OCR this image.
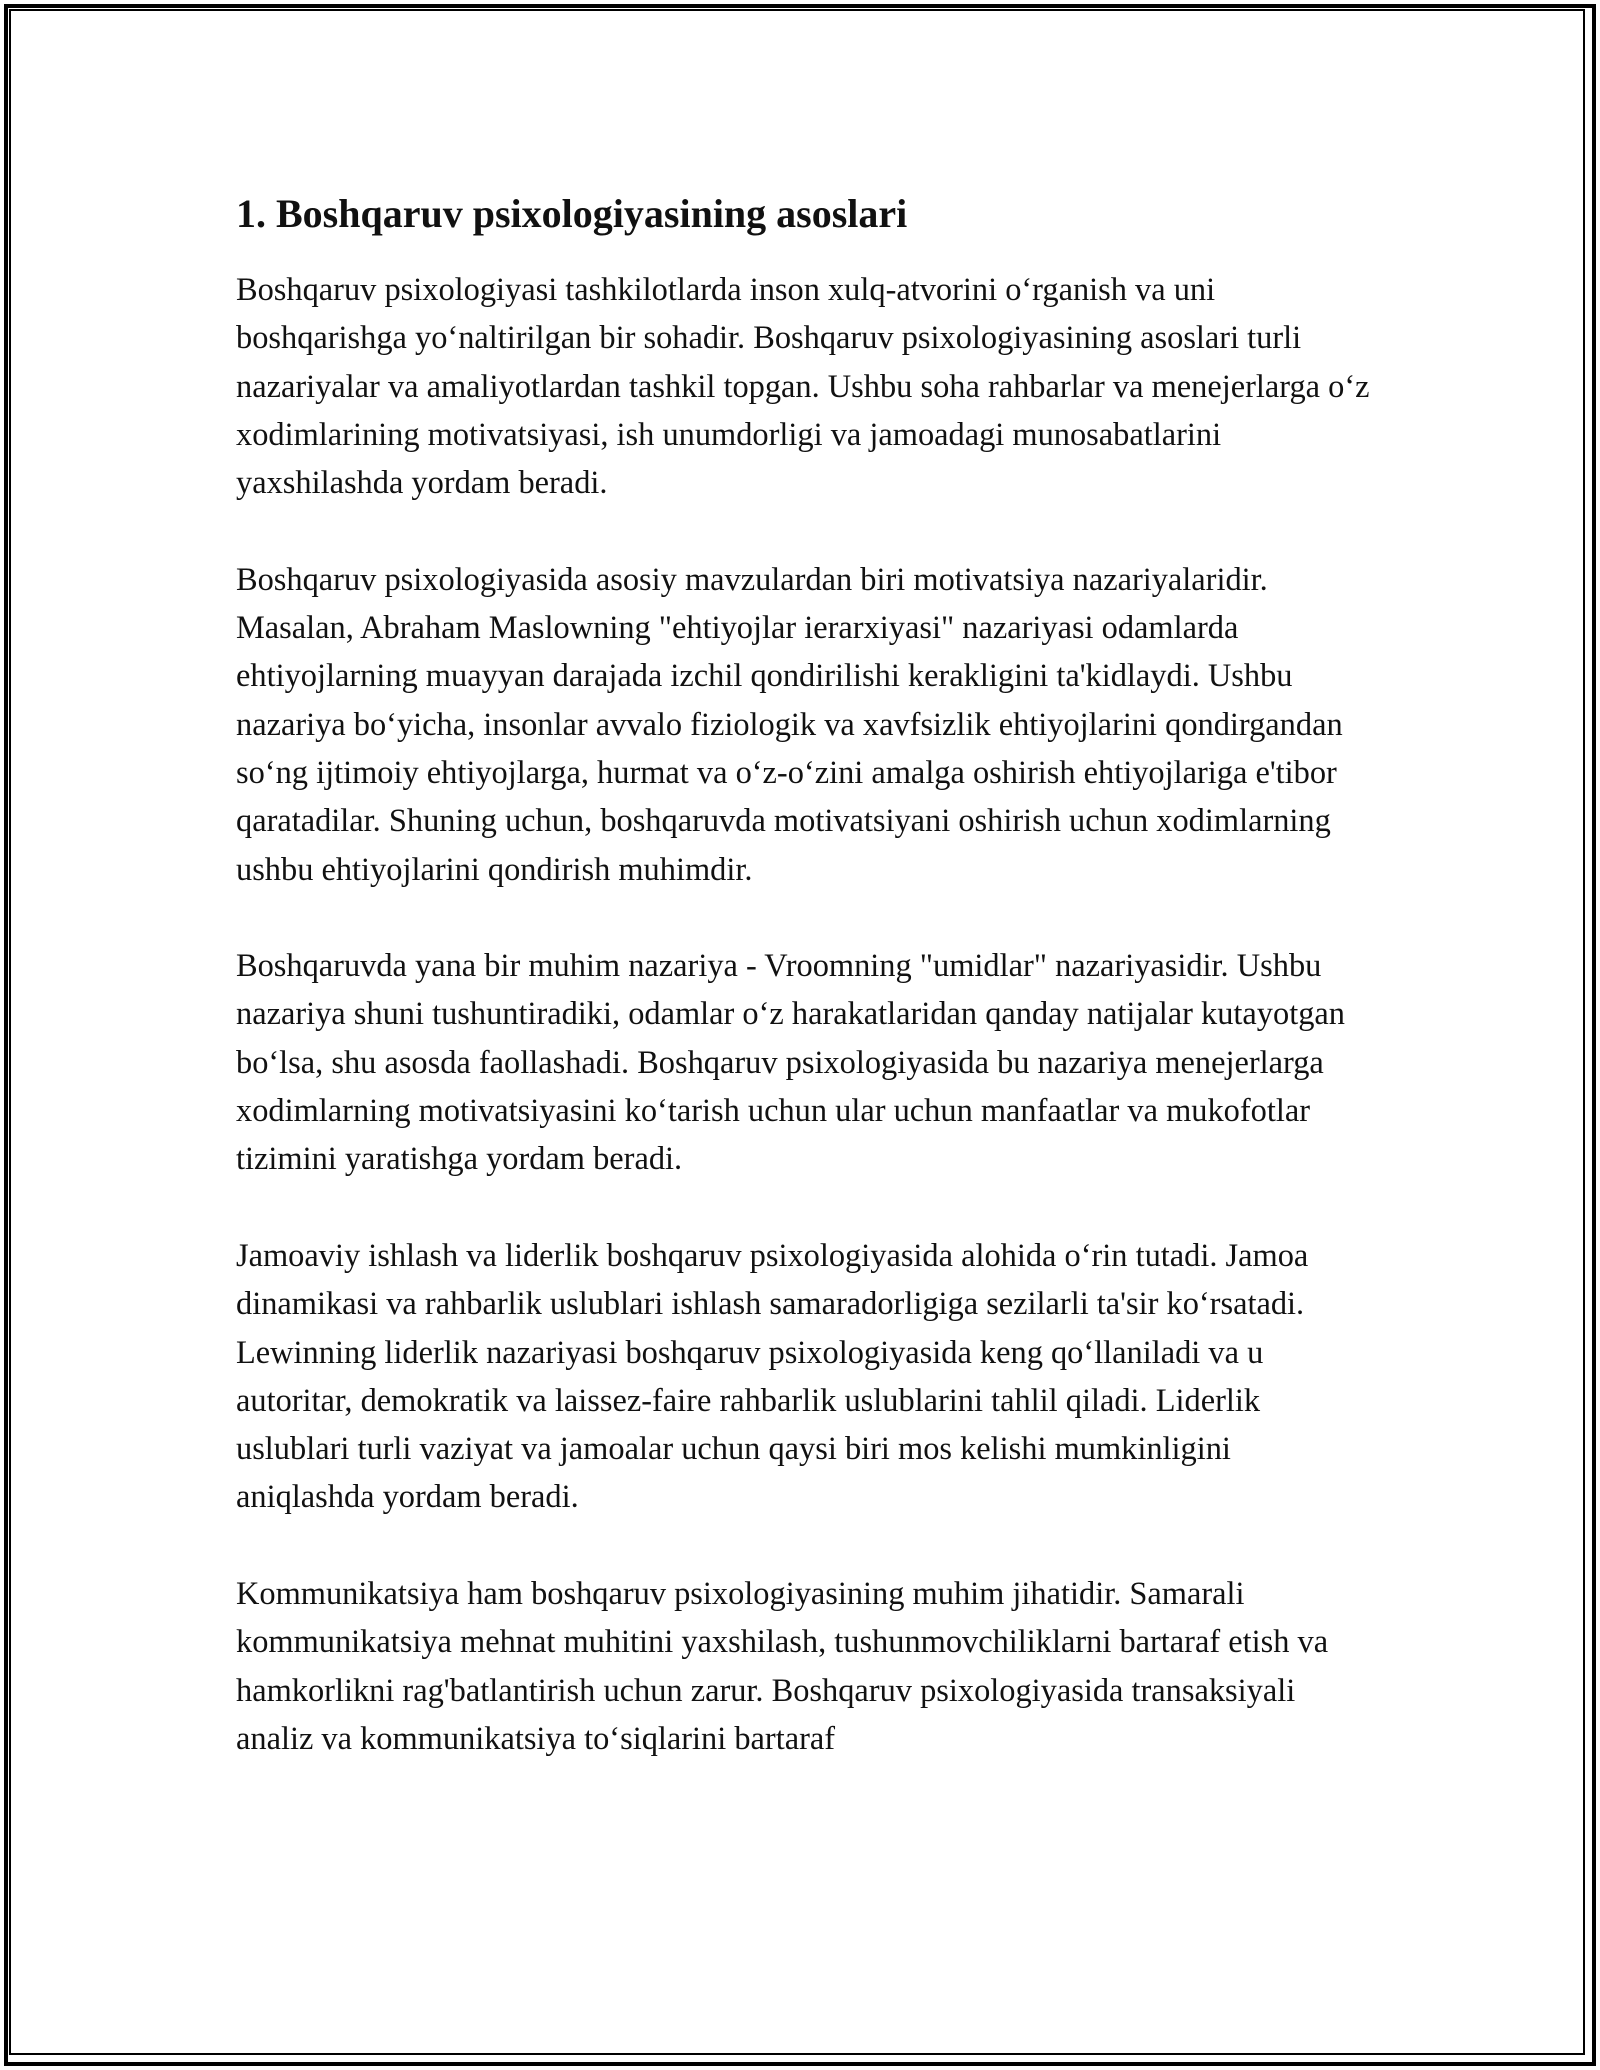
1. Boshqaruv psixologiyasining asoslari

Boshqaruv psixologiyasi tashkilotlarda inson xulq-atvorini o‘rganish va uni boshqarishga yo‘naltirilgan bir sohadir. Boshqaruv psixologiyasining asoslari turli nazariyalar va amaliyotlardan tashkil topgan. Ushbu soha rahbarlar va menejerlarga o‘z xodimlarining motivatsiyasi, ish unumdorligi va jamoadagi munosabatlarini yaxshilashda yordam beradi.

Boshqaruv psixologiyasida asosiy mavzulardan biri motivatsiya nazariyalaridir. Masalan, Abraham Maslowning "ehtiyojlar ierarxiyasi" nazariyasi odamlarda ehtiyojlarning muayyan darajada izchil qondirilishi kerakligini ta'kidlaydi. Ushbu nazariya bo‘yicha, insonlar avvalo fiziologik va xavfsizlik ehtiyojlarini qondirgandan so‘ng ijtimoiy ehtiyojlarga, hurmat va o‘z-o‘zini amalga oshirish ehtiyojlariga e'tibor qaratadilar. Shuning uchun, boshqaruvda motivatsiyani oshirish uchun xodimlarning ushbu ehtiyojlarini qondirish muhimdir.

Boshqaruvda yana bir muhim nazariya - Vroomning "umidlar" nazariyasidir. Ushbu nazariya shuni tushuntiradiki, odamlar o‘z harakatlaridan qanday natijalar kutayotgan bo‘lsa, shu asosda faollashadi. Boshqaruv psixologiyasida bu nazariya menejerlarga xodimlarning motivatsiyasini ko‘tarish uchun ular uchun manfaatlar va mukofotlar tizimini yaratishga yordam beradi.

Jamoaviy ishlash va liderlik boshqaruv psixologiyasida alohida o‘rin tutadi. Jamoa dinamikasi va rahbarlik uslublari ishlash samaradorligiga sezilarli ta'sir ko‘rsatadi. Lewinning liderlik nazariyasi boshqaruv psixologiyasida keng qo‘llaniladi va u autoritar, demokratik va laissez-faire rahbarlik uslublarini tahlil qiladi. Liderlik uslublari turli vaziyat va jamoalar uchun qaysi biri mos kelishi mumkinligini aniqlashda yordam beradi.

Kommunikatsiya ham boshqaruv psixologiyasining muhim jihatidir. Samarali kommunikatsiya mehnat muhitini yaxshilash, tushunmovchiliklarni bartaraf etish va hamkorlikni rag'batlantirish uchun zarur. Boshqaruv psixologiyasida transaksiyali analiz va kommunikatsiya to‘siqlarini bartaraf
